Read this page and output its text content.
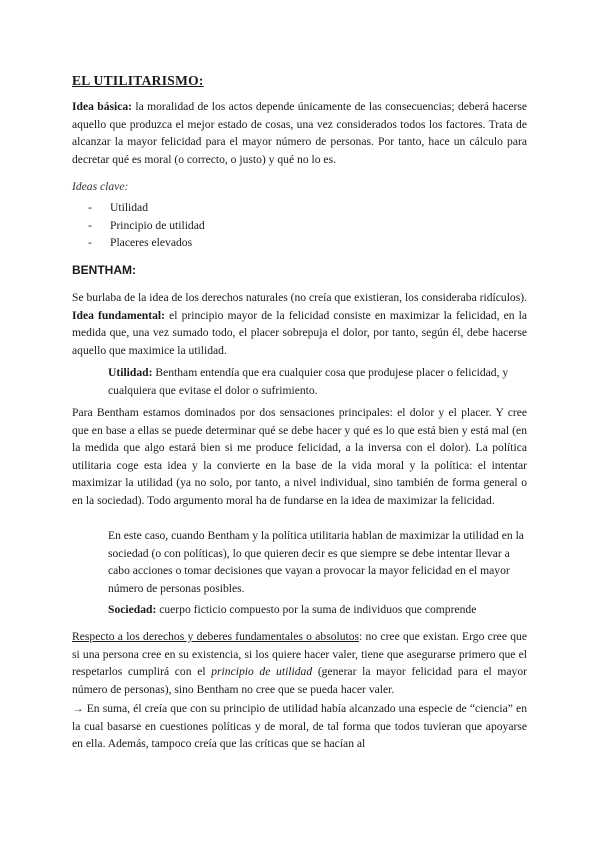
EL UTILITARISMO:

Idea básica: la moralidad de los actos depende únicamente de las consecuencias; deberá hacerse aquello que produzca el mejor estado de cosas, una vez considerados todos los factores. Trata de alcanzar la mayor felicidad para el mayor número de personas. Por tanto, hace un cálculo para decretar qué es moral (o correcto, o justo) y qué no lo es.

Ideas clave:

- Utilidad
- Principio de utilidad
- Placeres elevados
BENTHAM:

Se burlaba de la idea de los derechos naturales (no creía que existieran, los consideraba ridículos). Idea fundamental: el principio mayor de la felicidad consiste en maximizar la felicidad, en la medida que, una vez sumado todo, el placer sobrepuja el dolor, por tanto, según él, debe hacerse aquello que maximice la utilidad.

Utilidad: Bentham entendía que era cualquier cosa que produjese placer o felicidad, y cualquiera que evitase el dolor o sufrimiento.

Para Bentham estamos dominados por dos sensaciones principales: el dolor y el placer. Y cree que en base a ellas se puede determinar qué se debe hacer y qué es lo que está bien y está mal (en la medida que algo estará bien si me produce felicidad, a la inversa con el dolor). La política utilitaria coge esta idea y la convierte en la base de la vida moral y la política: el intentar maximizar la utilidad (ya no solo, por tanto, a nivel individual, sino también de forma general o en la sociedad). Todo argumento moral ha de fundarse en la idea de maximizar la felicidad.

En este caso, cuando Bentham y la política utilitaria hablan de maximizar la utilidad en la sociedad (o con políticas), lo que quieren decir es que siempre se debe intentar llevar a cabo acciones o tomar decisiones que vayan a provocar la mayor felicidad en el mayor número de personas posibles.

Sociedad: cuerpo ficticio compuesto por la suma de individuos que comprende

Respecto a los derechos y deberes fundamentales o absolutos: no cree que existan. Ergo cree que si una persona cree en su existencia, si los quiere hacer valer, tiene que asegurarse primero que el respetarlos cumplirá con el principio de utilidad (generar la mayor felicidad para el mayor número de personas), sino Bentham no cree que se pueda hacer valer.

→ En suma, él creía que con su principio de utilidad había alcanzado una especie de “ciencia” en la cual basarse en cuestiones políticas y de moral, de tal forma que todos tuvieran que apoyarse en ella. Además, tampoco creía que las críticas que se hacían al
